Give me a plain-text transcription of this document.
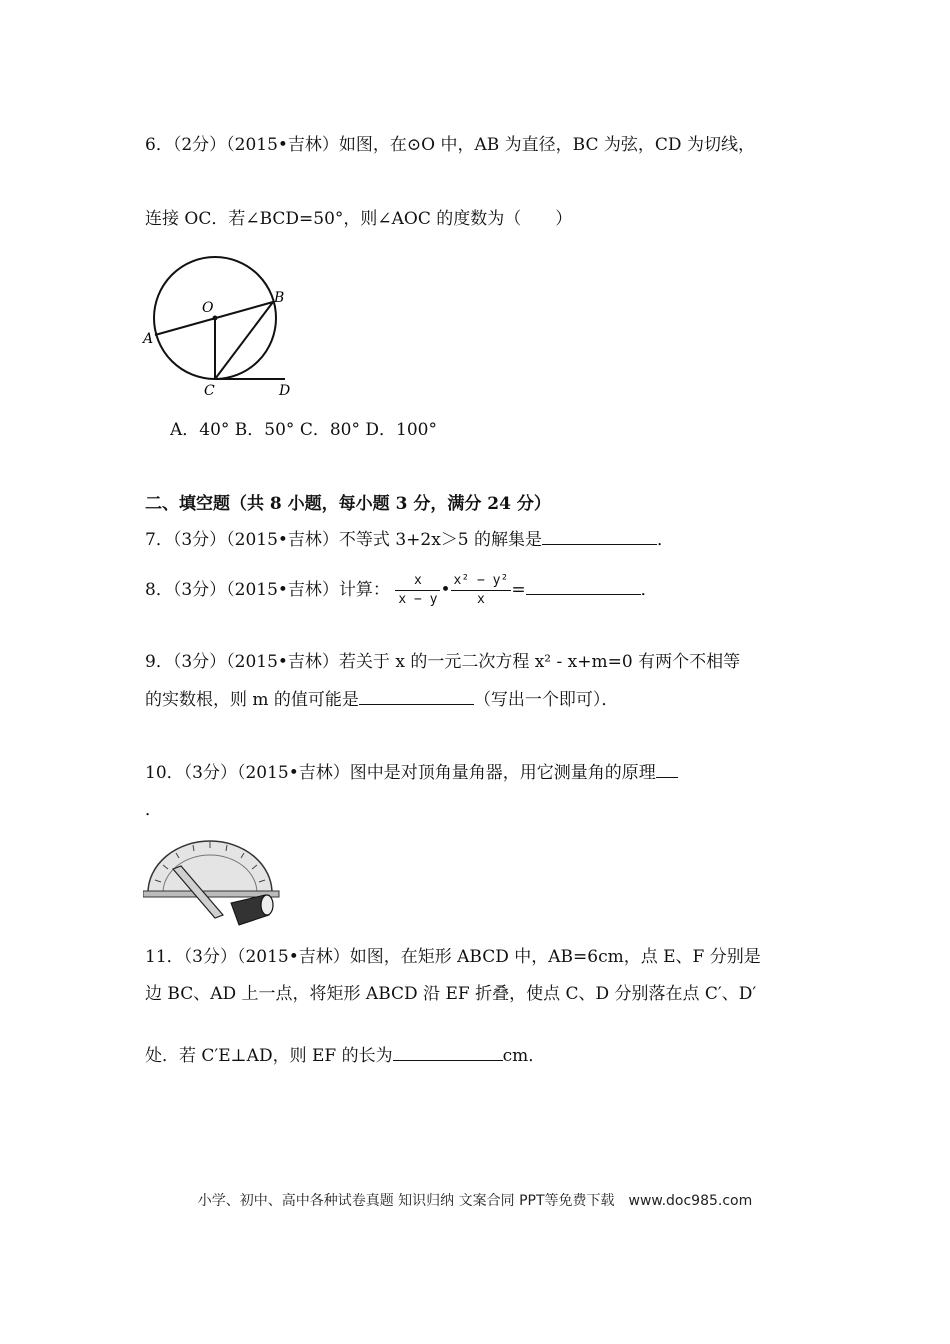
6．（2分）（2015•吉林）如图，在⊙O 中，AB 为直径，BC 为弦，CD 为切线，
连接 OC．若∠BCD=50°，则∠AOC 的度数为（　　）
O
A
B
C	D
A．40° B．50° C．80° D．100°
二、填空题（共 8 小题，每小题 3 分，满分 24 分）
7．（3分）（2015•吉林）不等式 3+2x＞5 的解集是	．
8．（3分）（2015•吉林）计算： $\frac{x}{x - y}$ • $\frac{\text{x² − y²}}{x}$ =	．
9．（3分）（2015•吉林）若关于 x 的一元二次方程 x² - x+m=0 有两个不相等
的实数根，则 m 的值可能是	（写出一个即可）．
10．（3分）（2015•吉林）图中是对顶角量角器，用它测量角的原理
．
11．（3分）（2015•吉林）如图，在矩形 ABCD 中，AB=6cm，点 E、F 分别是
边 BC、AD 上一点，将矩形 ABCD 沿 EF 折叠，使点 C、D 分别落在点 C′、D′
处．若 C′E⊥AD，则 EF 的长为	cm．
小学、初中、高中各种试卷真题 知识归纳 文案合同 PPT等免费下载　www.doc985.com
